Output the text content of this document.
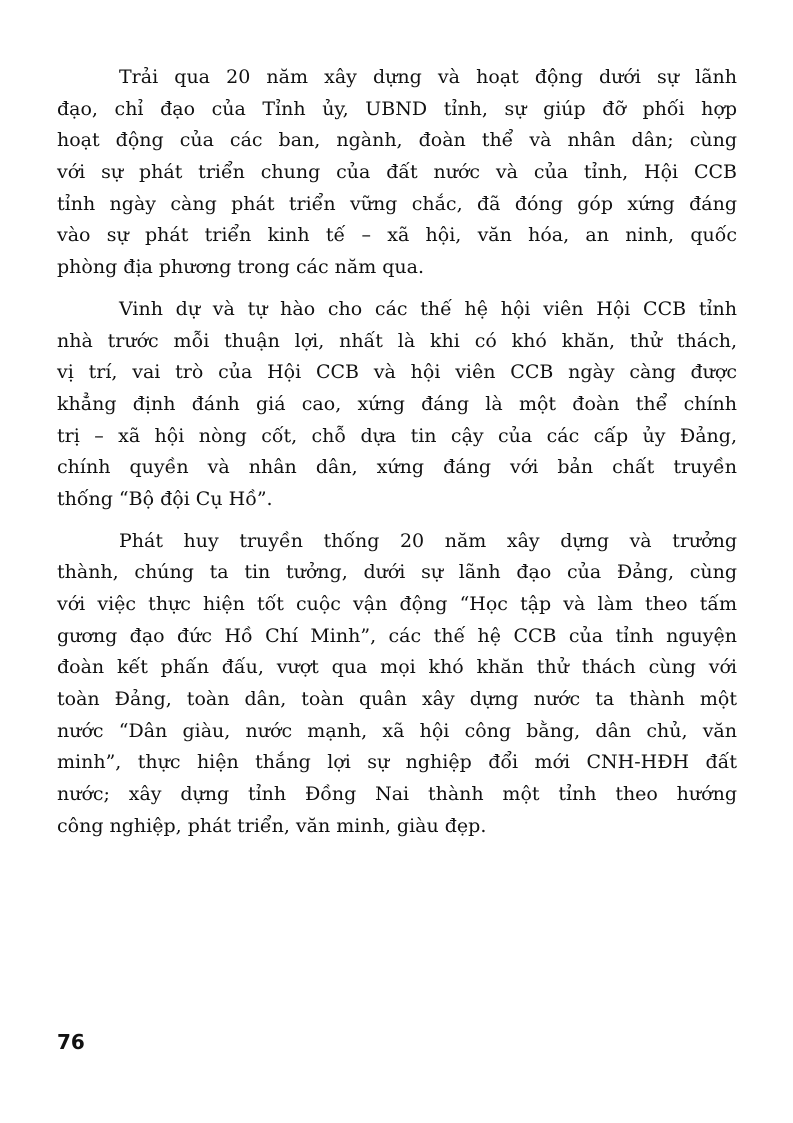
Trải qua 20 năm xây dựng và hoạt động dưới sự lãnh
đạo, chỉ đạo của Tỉnh ủy, UBND tỉnh, sự giúp đỡ phối hợp
hoạt động của các ban, ngành, đoàn thể và nhân dân; cùng
với sự phát triển chung của đất nước và của tỉnh, Hội CCB
tỉnh ngày càng phát triển vững chắc, đã đóng góp xứng đáng
vào sự phát triển kinh tế – xã hội, văn hóa, an ninh, quốc
phòng địa phương trong các năm qua.
Vinh dự và tự hào cho các thế hệ hội viên Hội CCB tỉnh
nhà trước mỗi thuận lợi, nhất là khi có khó khăn, thử thách,
vị trí, vai trò của Hội CCB và hội viên CCB ngày càng được
khẳng định đánh giá cao, xứng đáng là một đoàn thể chính
trị – xã hội nòng cốt, chỗ dựa tin cậy của các cấp ủy Đảng,
chính quyền và nhân dân, xứng đáng với bản chất truyền
thống “Bộ đội Cụ Hồ”.
Phát huy truyền thống 20 năm xây dựng và trưởng
thành, chúng ta tin tưởng, dưới sự lãnh đạo của Đảng, cùng
với việc thực hiện tốt cuộc vận động “Học tập và làm theo tấm
gương đạo đức Hồ Chí Minh”, các thế hệ CCB của tỉnh nguyện
đoàn kết phấn đấu, vượt qua mọi khó khăn thử thách cùng với
toàn Đảng, toàn dân, toàn quân xây dựng nước ta thành một
nước “Dân giàu, nước mạnh, xã hội công bằng, dân chủ, văn
minh”, thực hiện thắng lợi sự nghiệp đổi mới CNH-HĐH đất
nước; xây dựng tỉnh Đồng Nai thành một tỉnh theo hướng
công nghiệp, phát triển, văn minh, giàu đẹp.
76
